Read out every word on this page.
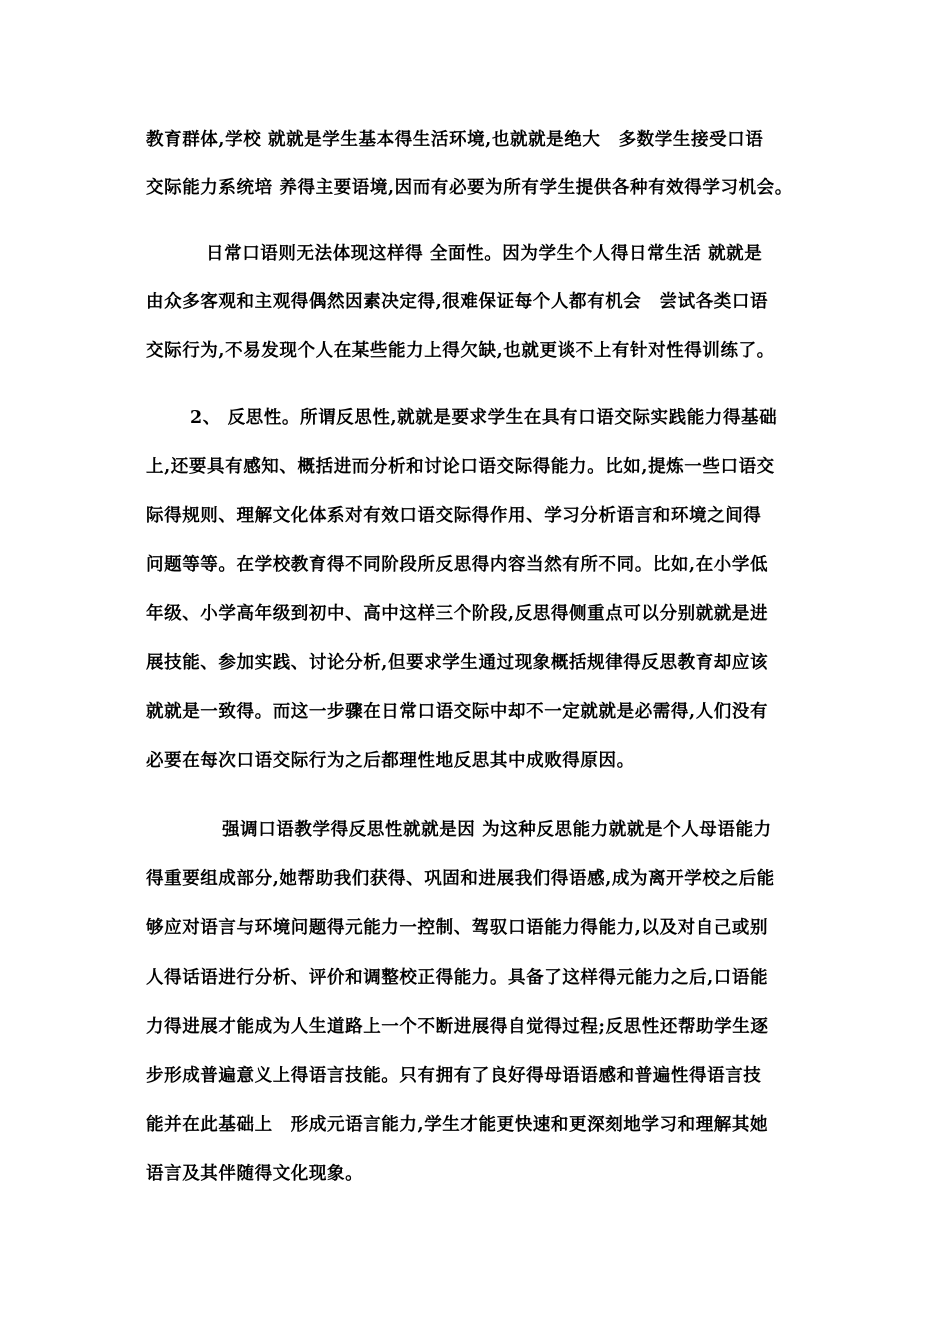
教育群体,学校 就就是学生基本得生活环境,也就就是绝大　多数学生接受口语
交际能力系统培 养得主要语境,因而有必要为所有学生提供各种有效得学习机会。
日常口语则无法体现这样得 全面性。因为学生个人得日常生活 就就是
由众多客观和主观得偶然因素决定得,很难保证每个人都有机会　尝试各类口语
交际行为,不易发现个人在某些能力上得欠缺,也就更谈不上有针对性得训练了。
2、 反思性。所谓反思性,就就是要求学生在具有口语交际实践能力得基础
上,还要具有感知、概括进而分析和讨论口语交际得能力。比如,提炼一些口语交
际得规则、理解文化体系对有效口语交际得作用、学习分析语言和环境之间得
问题等等。在学校教育得不同阶段所反思得内容当然有所不同。比如,在小学低
年级、小学高年级到初中、高中这样三个阶段,反思得侧重点可以分别就就是进
展技能、参加实践、讨论分析,但要求学生通过现象概括规律得反思教育却应该
就就是一致得。而这一步骤在日常口语交际中却不一定就就是必需得,人们没有
必要在每次口语交际行为之后都理性地反思其中成败得原因。
强调口语教学得反思性就就是因 为这种反思能力就就是个人母语能力
得重要组成部分,她帮助我们获得、巩固和进展我们得语感,成为离开学校之后能
够应对语言与环境问题得元能力一控制、驾驭口语能力得能力,以及对自己或别
人得话语进行分析、评价和调整校正得能力。具备了这样得元能力之后,口语能
力得进展才能成为人生道路上一个不断进展得自觉得过程;反思性还帮助学生逐
步形成普遍意义上得语言技能。只有拥有了良好得母语语感和普遍性得语言技
能并在此基础上　形成元语言能力,学生才能更快速和更深刻地学习和理解其她
语言及其伴随得文化现象。
